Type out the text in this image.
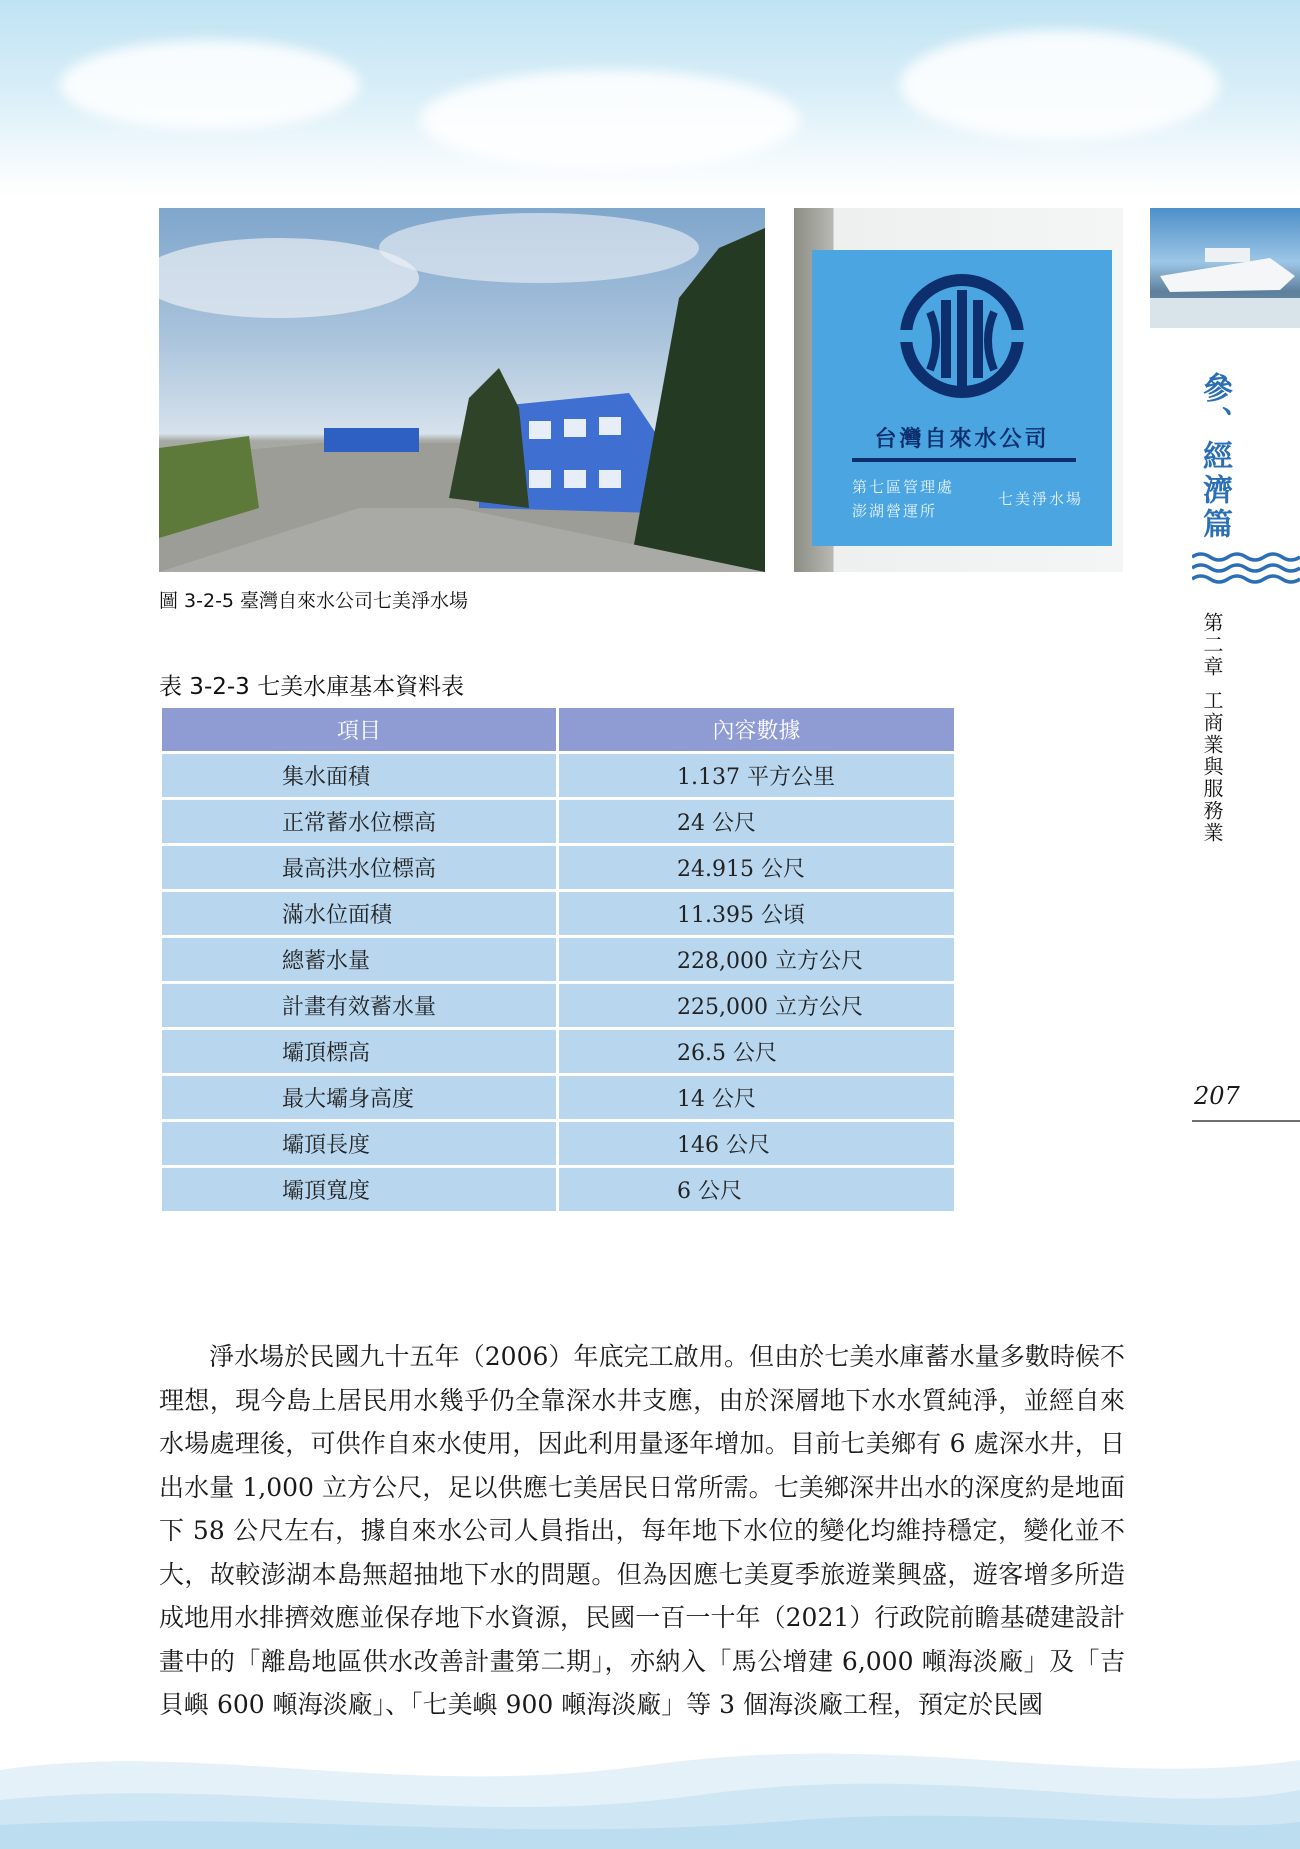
台灣自來水公司
第七區管理處
澎湖營運所
七美淨水場
圖 3-2-5 臺灣自來水公司七美淨水場
表 3-2-3 七美水庫基本資料表
項目	內容數據
集水面積	1.137 平方公里
正常蓄水位標高	24 公尺
最高洪水位標高	24.915 公尺
滿水位面積	11.395 公頃
總蓄水量	228,000 立方公尺
計畫有效蓄水量	225,000 立方公尺
壩頂標高	26.5 公尺
最大壩身高度	14 公尺
壩頂長度	146 公尺
壩頂寬度	6 公尺

淨水場於民國九十五年（2006）年底完工啟用。但由於七美水庫蓄水量多數時候不理想，現今島上居民用水幾乎仍全靠深水井支應，由於深層地下水水質純淨，並經自來水場處理後，可供作自來水使用，因此利用量逐年增加。目前七美鄉有 6 處深水井，日出水量 1,000 立方公尺，足以供應七美居民日常所需。七美鄉深井出水的深度約是地面下 58 公尺左右，據自來水公司人員指出，每年地下水位的變化均維持穩定，變化並不大，故較澎湖本島無超抽地下水的問題。但為因應七美夏季旅遊業興盛，遊客增多所造成地用水排擠效應並保存地下水資源，民國一百一十年（2021）行政院前瞻基礎建設計畫中的「離島地區供水改善計畫第二期」，亦納入「馬公增建 6,000 噸海淡廠」及「吉貝嶼 600 噸海淡廠」、「七美嶼 900 噸海淡廠」等 3 個海淡廠工程，預定於民國

參、經濟篇
第二章工商業與服務業
207
